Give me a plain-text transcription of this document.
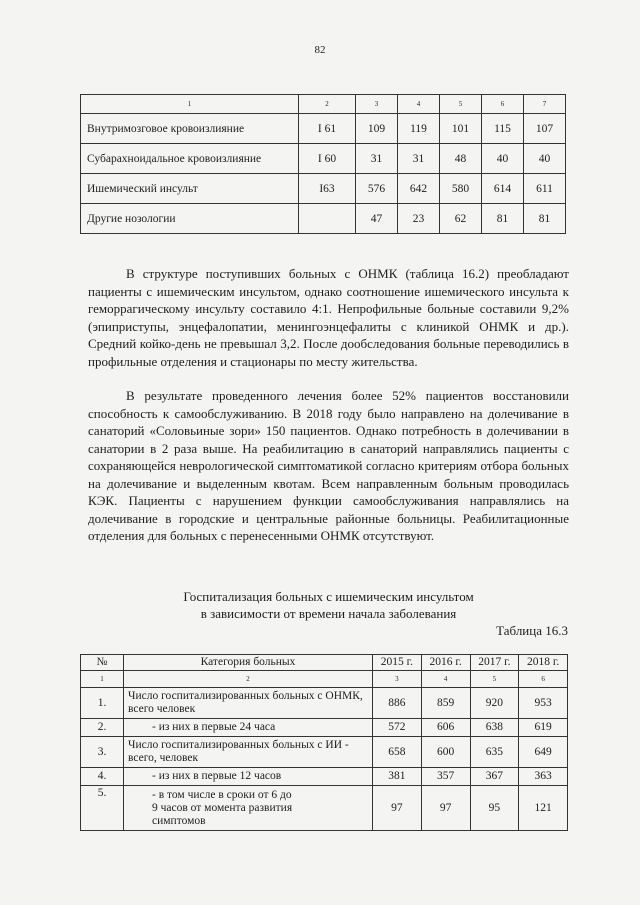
82
1	2	3	4	5	6	7
Внутримозговое кровоизлияние	I 61	109	119	101	115	107
Субарахноидальное кровоизлияние	I 60	31	31	48	40	40
Ишемический инсульт	I63	576	642	580	614	611
Другие нозологии		47	23	62	81	81

В структуре поступивших больных с ОНМК (таблица 16.2) преобладают пациенты с ишемическим инсультом, однако соотношение ишемического инсульта к геморрагическому инсульту составило 4:1. Непрофильные больные составили 9,2% (эпиприступы, энцефалопатии, менингоэнцефалиты с клиникой ОНМК и др.). Средний койко-день не превышал 3,2. После дообследования больные переводились в профильные отделения и стационары по месту жительства.

В результате проведенного лечения более 52% пациентов восстановили способность к самообслуживанию. В 2018 году было направлено на долечивание в санаторий «Соловьиные зори» 150 пациентов. Однако потребность в долечивании в санатории в 2 раза выше. На реабилитацию в санаторий направлялись пациенты с сохраняющейся неврологической симптоматикой согласно критериям отбора больных на долечивание и выделенным квотам. Всем направленным больным проводилась КЭК. Пациенты с нарушением функции самообслуживания направлялись на долечивание в городские и центральные районные больницы. Реабилитационные отделения для больных с перенесенными ОНМК отсутствуют.

Госпитализация больных с ишемическим инсультом
в зависимости от времени начала заболевания
Таблица 16.3
№	Категория больных	2015 г.	2016 г.	2017 г.	2018 г.
1	2	3	4	5	6
1.	Число госпитализированных больных с ОНМК, всего человек	886	859	920	953
2.	- из них в первые 24 часа	572	606	638	619
3.	Число госпитализированных больных с ИИ - всего, человек	658	600	635	649
4.	- из них в первые 12 часов	381	357	367	363
5.	- в том числе в сроки от 6 до
9 часов от момента развития
симптомов	97	97	95	121
